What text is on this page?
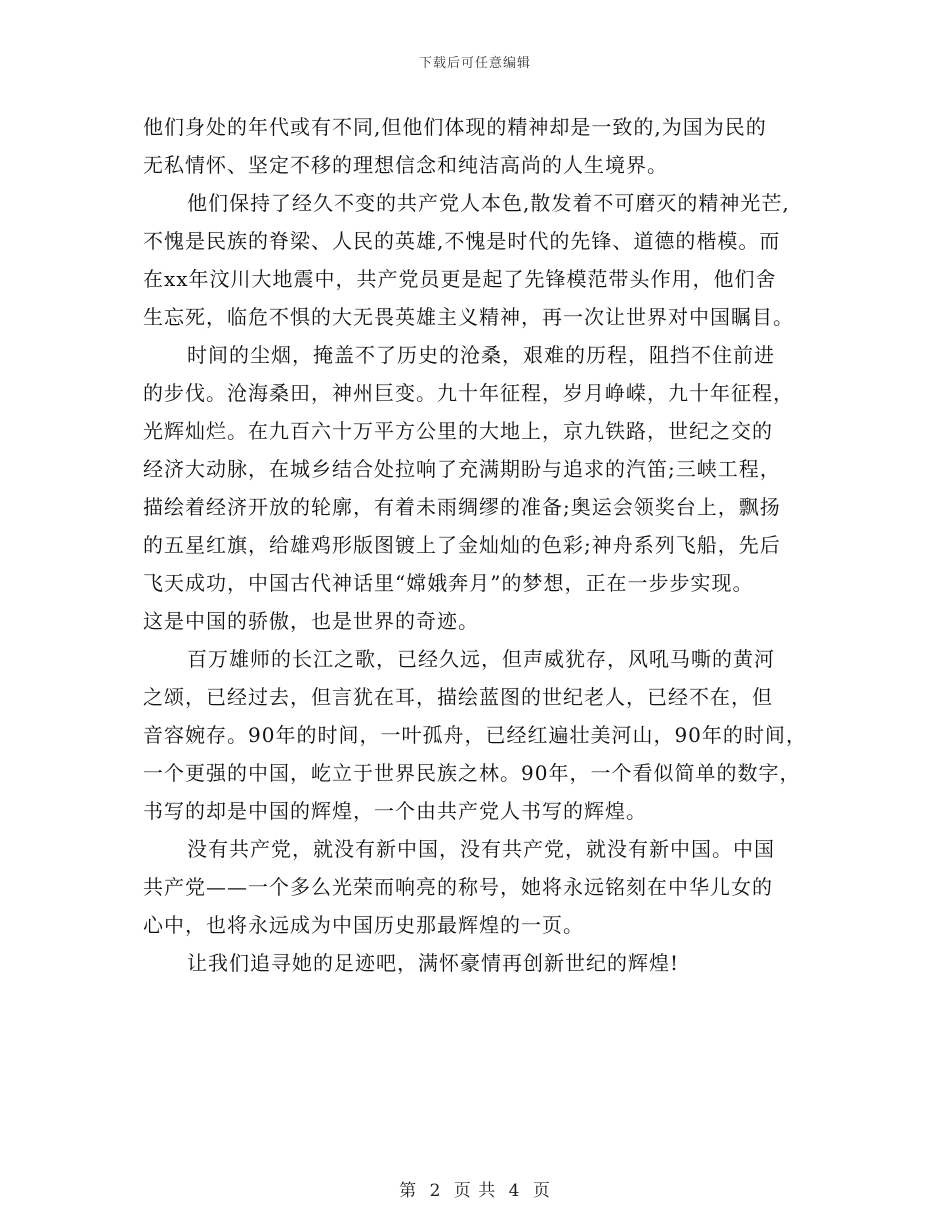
下载后可任意编辑
他们身处的年代或有不同,但他们体现的精神却是一致的,为国为民的
无私情怀、坚定不移的理想信念和纯洁高尚的人生境界。
他们保持了经久不变的共产党人本色,散发着不可磨灭的精神光芒,
不愧是民族的脊梁、人民的英雄,不愧是时代的先锋、道德的楷模。而
在xx年汶川大地震中，共产党员更是起了先锋模范带头作用，他们舍
生忘死，临危不惧的大无畏英雄主义精神，再一次让世界对中国瞩目。
时间的尘烟，掩盖不了历史的沧桑，艰难的历程，阻挡不住前进
的步伐。沧海桑田，神州巨变。九十年征程，岁月峥嵘，九十年征程，
光辉灿烂。在九百六十万平方公里的大地上，京九铁路，世纪之交的
经济大动脉，在城乡结合处拉响了充满期盼与追求的汽笛;三峡工程，
描绘着经济开放的轮廓，有着未雨绸缪的准备;奥运会领奖台上，飘扬
的五星红旗，给雄鸡形版图镀上了金灿灿的色彩;神舟系列飞船，先后
飞天成功，中国古代神话里“嫦娥奔月”的梦想，正在一步步实现。
这是中国的骄傲，也是世界的奇迹。
百万雄师的长江之歌，已经久远，但声威犹存，风吼马嘶的黄河
之颂，已经过去，但言犹在耳，描绘蓝图的世纪老人，已经不在，但
音容婉存。90年的时间，一叶孤舟，已经红遍壮美河山，90年的时间，
一个更强的中国，屹立于世界民族之林。90年，一个看似简单的数字，
书写的却是中国的辉煌，一个由共产党人书写的辉煌。
没有共产党，就没有新中国，没有共产党，就没有新中国。中国
共产党——一个多么光荣而响亮的称号，她将永远铭刻在中华儿女的
心中，也将永远成为中国历史那最辉煌的一页。
让我们追寻她的足迹吧，满怀豪情再创新世纪的辉煌!
第 2 页 共 4 页
